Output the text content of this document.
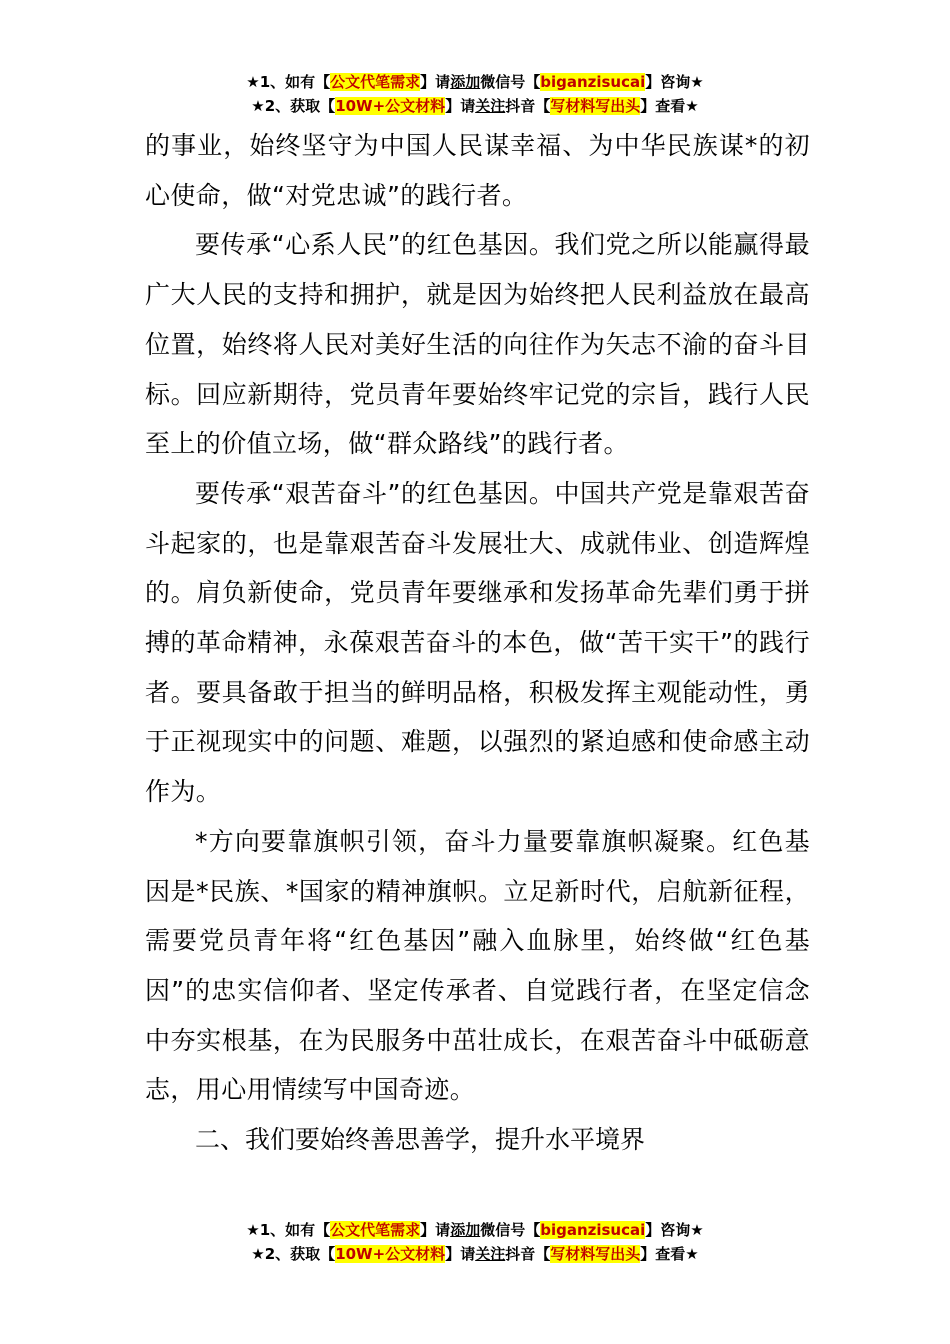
★1、如有【公文代笔需求】请添加微信号【biganzisucai】咨询★
★2、获取【10W+公文材料】请关注抖音【写材料写出头】查看★

的事业，始终坚守为中国人民谋幸福、为中华民族谋*的初心使命，做“对党忠诚”的践行者。

要传承“心系人民”的红色基因。我们党之所以能赢得最广大人民的支持和拥护，就是因为始终把人民利益放在最高位置，始终将人民对美好生活的向往作为矢志不渝的奋斗目标。回应新期待，党员青年要始终牢记党的宗旨，践行人民至上的价值立场，做“群众路线”的践行者。

要传承“艰苦奋斗”的红色基因。中国共产党是靠艰苦奋斗起家的，也是靠艰苦奋斗发展壮大、成就伟业、创造辉煌的。肩负新使命，党员青年要继承和发扬革命先辈们勇于拼搏的革命精神，永葆艰苦奋斗的本色，做“苦干实干”的践行者。要具备敢于担当的鲜明品格，积极发挥主观能动性，勇于正视现实中的问题、难题，以强烈的紧迫感和使命感主动作为。

*方向要靠旗帜引领，奋斗力量要靠旗帜凝聚。红色基因是*民族、*国家的精神旗帜。立足新时代，启航新征程，需要党员青年将“红色基因”融入血脉里，始终做“红色基因”的忠实信仰者、坚定传承者、自觉践行者，在坚定信念中夯实根基，在为民服务中茁壮成长，在艰苦奋斗中砥砺意志，用心用情续写中国奇迹。

二、我们要始终善思善学，提升水平境界

★1、如有【公文代笔需求】请添加微信号【biganzisucai】咨询★
★2、获取【10W+公文材料】请关注抖音【写材料写出头】查看★
